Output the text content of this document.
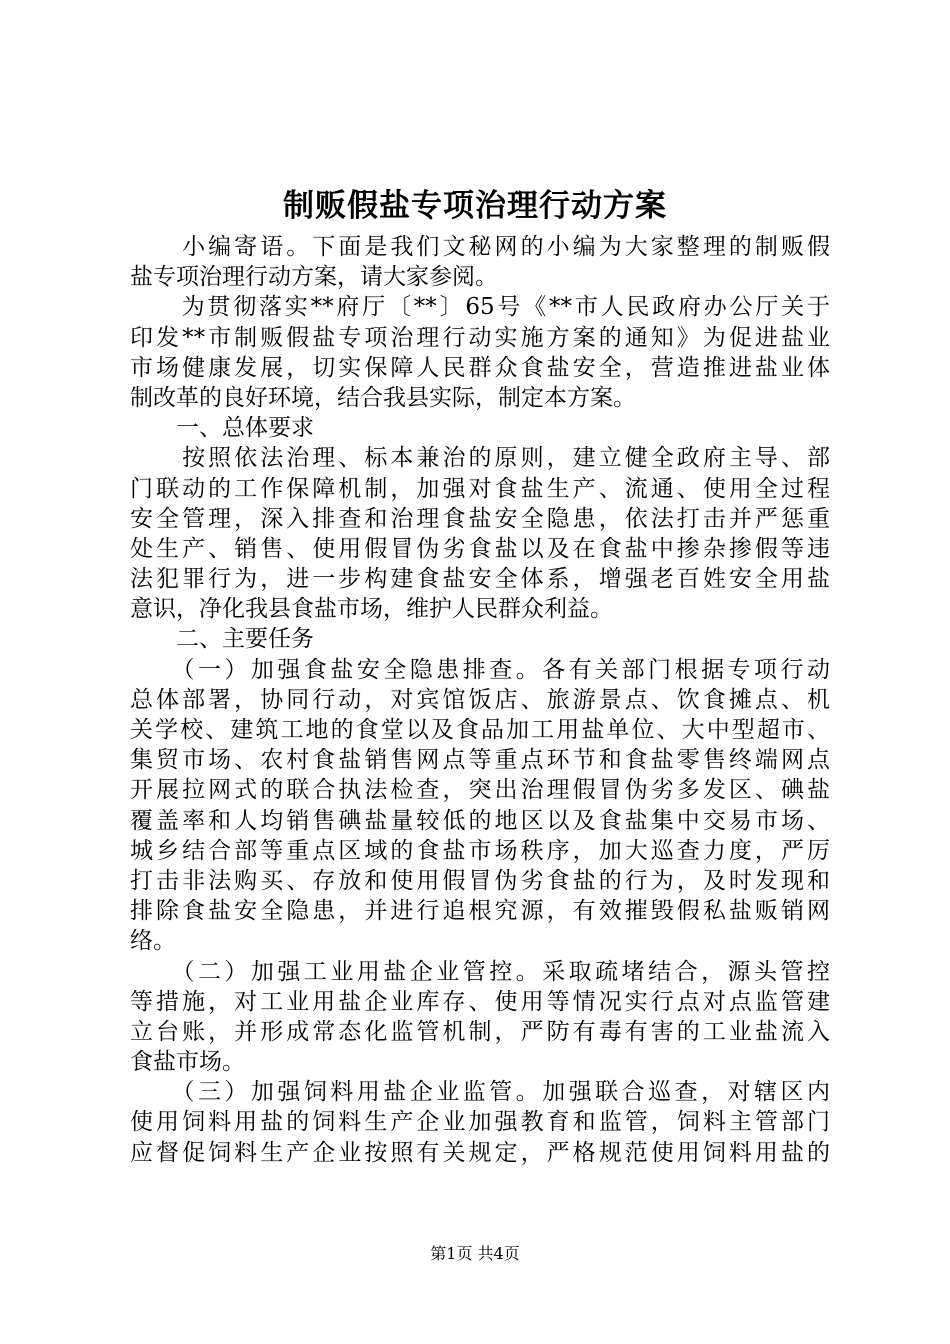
制贩假盐专项治理行动方案
　　小编寄语。下面是我们文秘网的小编为大家整理的制贩假
盐专项治理行动方案，请大家参阅。
　　为贯彻落实**府厅〔**〕65号《**市人民政府办公厅关于
印发**市制贩假盐专项治理行动实施方案的通知》为促进盐业
市场健康发展，切实保障人民群众食盐安全，营造推进盐业体
制改革的良好环境，结合我县实际，制定本方案。
　　一、总体要求
　　按照依法治理、标本兼治的原则，建立健全政府主导、部
门联动的工作保障机制，加强对食盐生产、流通、使用全过程
安全管理，深入排查和治理食盐安全隐患，依法打击并严惩重
处生产、销售、使用假冒伪劣食盐以及在食盐中掺杂掺假等违
法犯罪行为，进一步构建食盐安全体系，增强老百姓安全用盐
意识，净化我县食盐市场，维护人民群众利益。
　　二、主要任务
　　（一）加强食盐安全隐患排查。各有关部门根据专项行动
总体部署，协同行动，对宾馆饭店、旅游景点、饮食摊点、机
关学校、建筑工地的食堂以及食品加工用盐单位、大中型超市、
集贸市场、农村食盐销售网点等重点环节和食盐零售终端网点
开展拉网式的联合执法检查，突出治理假冒伪劣多发区、碘盐
覆盖率和人均销售碘盐量较低的地区以及食盐集中交易市场、
城乡结合部等重点区域的食盐市场秩序，加大巡查力度，严厉
打击非法购买、存放和使用假冒伪劣食盐的行为，及时发现和
排除食盐安全隐患，并进行追根究源，有效摧毁假私盐贩销网
络。
　　（二）加强工业用盐企业管控。采取疏堵结合，源头管控
等措施，对工业用盐企业库存、使用等情况实行点对点监管建
立台账，并形成常态化监管机制，严防有毒有害的工业盐流入
食盐市场。
　　（三）加强饲料用盐企业监管。加强联合巡查，对辖区内
使用饲料用盐的饲料生产企业加强教育和监管，饲料主管部门
应督促饲料生产企业按照有关规定，严格规范使用饲料用盐的
第1页 共4页
